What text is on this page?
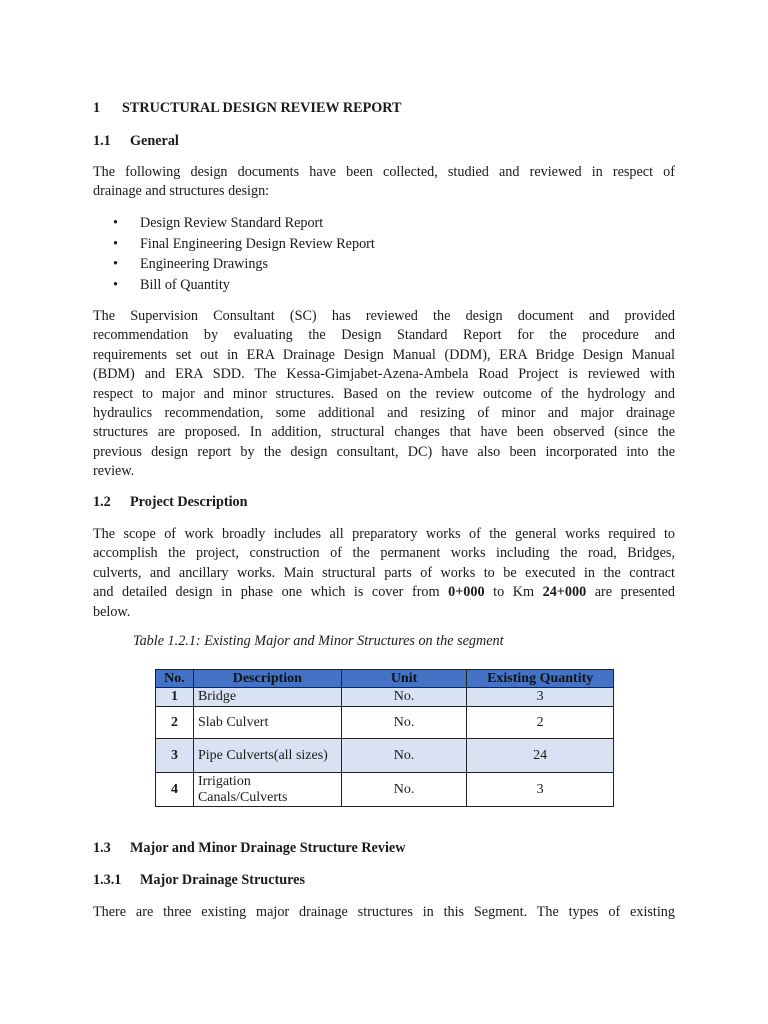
1 STRUCTURAL DESIGN REVIEW REPORT
1.1 General
The following design documents have been collected, studied and reviewed in respect of
drainage and structures design:
• Design Review Standard Report
• Final Engineering Design Review Report
• Engineering Drawings
• Bill of Quantity
The Supervision Consultant (SC) has reviewed the design document and provided
recommendation by evaluating the Design Standard Report for the procedure and
requirements set out in ERA Drainage Design Manual (DDM), ERA Bridge Design Manual
(BDM) and ERA SDD. The Kessa-Gimjabet-Azena-Ambela Road Project is reviewed with
respect to major and minor structures. Based on the review outcome of the hydrology and
hydraulics recommendation, some additional and resizing of minor and major drainage
structures are proposed. In addition, structural changes that have been observed (since the
previous design report by the design consultant, DC) have also been incorporated into the
review.
1.2 Project Description
The scope of work broadly includes all preparatory works of the general works required to
accomplish the project, construction of the permanent works including the road, Bridges,
culverts, and ancillary works. Main structural parts of works to be executed in the contract
and detailed design in phase one which is cover from 0+000 to Km 24+000 are presented
below.
Table 1.2.1: Existing Major and Minor Structures on the segment
No.	Description	Unit	Existing Quantity
1	Bridge	No.	3
2	Slab Culvert	No.	2
3	Pipe Culverts(all sizes)	No.	24
4	Irrigation Canals/Culverts	No.	3
1.3 Major and Minor Drainage Structure Review
1.3.1 Major Drainage Structures
There are three existing major drainage structures in this Segment. The types of existing
